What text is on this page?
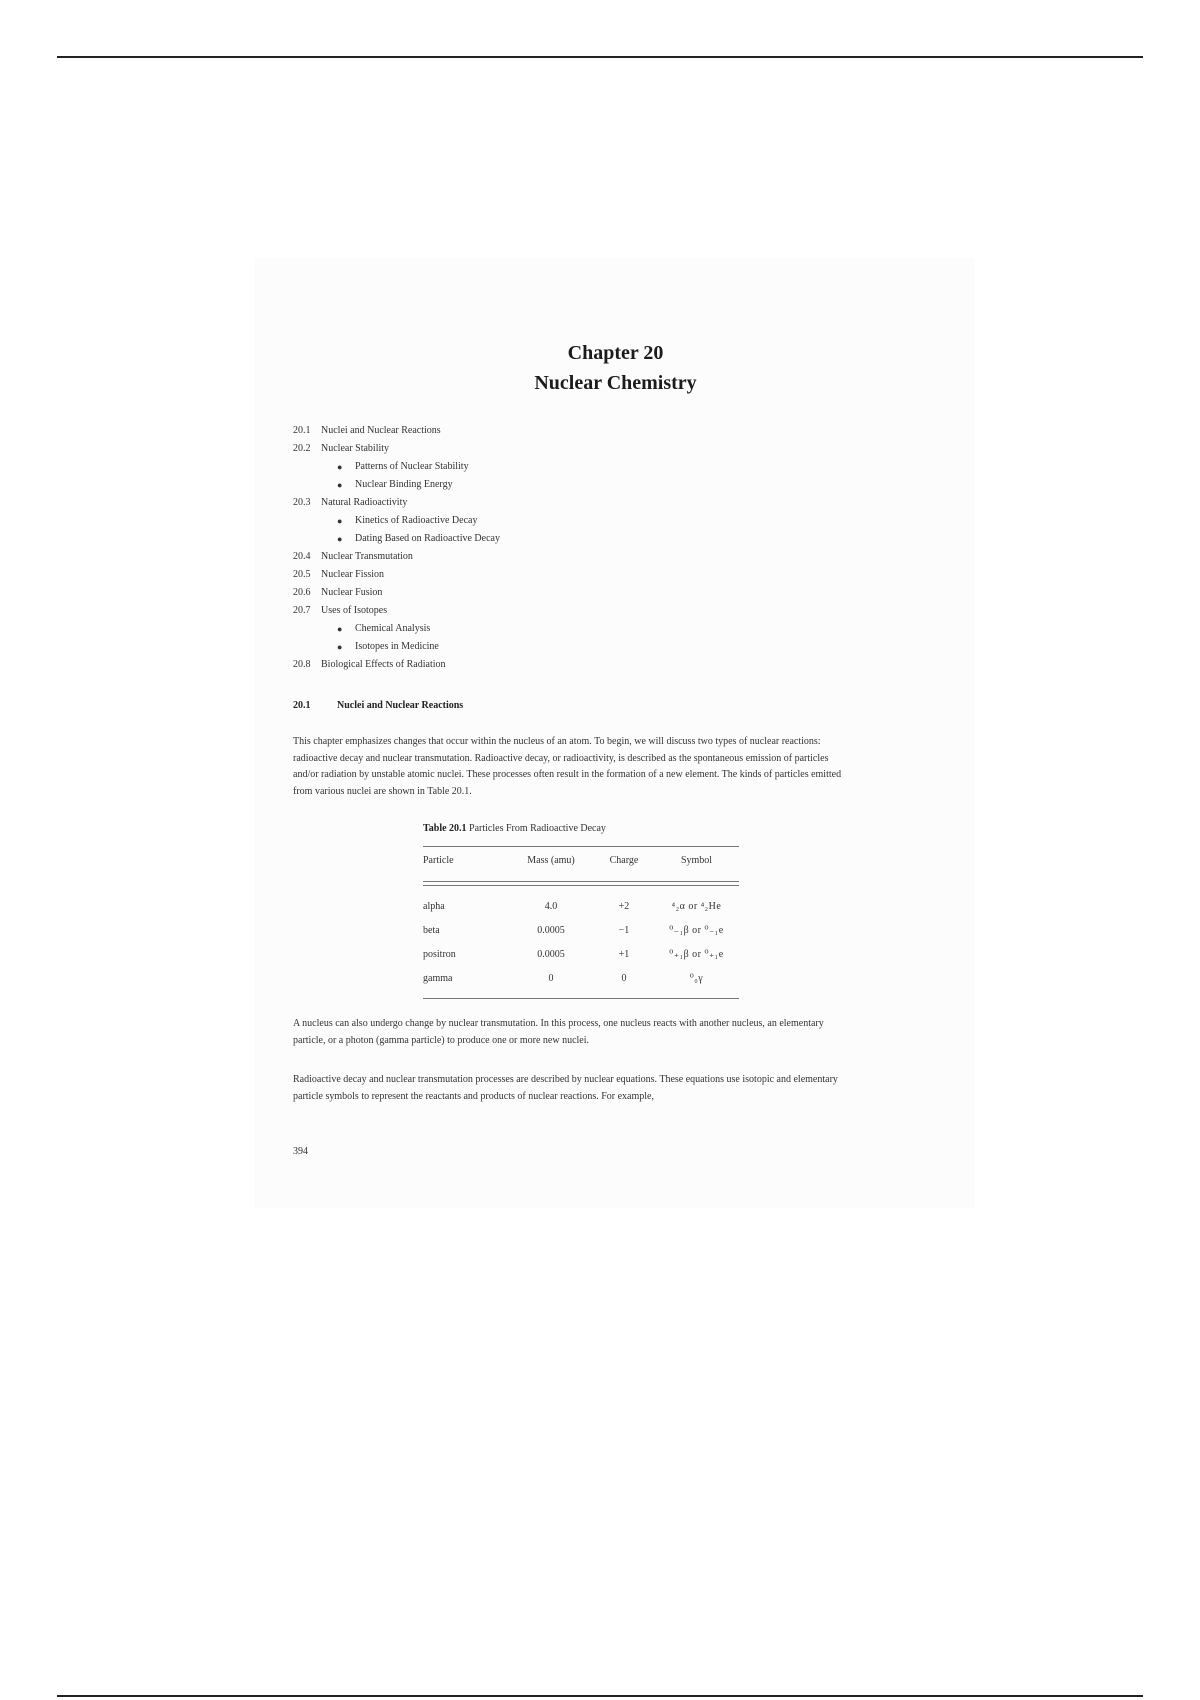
Chapter 20
Nuclear Chemistry
20.1	Nuclei and Nuclear Reactions
20.2	Nuclear Stability
●	Patterns of Nuclear Stability
●	Nuclear Binding Energy
20.3	Natural Radioactivity
●	Kinetics of Radioactive Decay
●	Dating Based on Radioactive Decay
20.4	Nuclear Transmutation
20.5	Nuclear Fission
20.6	Nuclear Fusion
20.7	Uses of Isotopes
●	Chemical Analysis
●	Isotopes in Medicine
20.8	Biological Effects of Radiation
20.1	Nuclei and Nuclear Reactions
This chapter emphasizes changes that occur within the nucleus of an atom. To begin, we will discuss two types of nuclear reactions: radioactive decay and nuclear transmutation. Radioactive decay, or radioactivity, is described as the spontaneous emission of particles and/or radiation by unstable atomic nuclei. These processes often result in the formation of a new element. The kinds of particles emitted from various nuclei are shown in Table 20.1.
Table 20.1 Particles From Radioactive Decay
Particle	Mass (amu)	Charge	Symbol
alpha	4.0	+2	⁴₂α or ⁴₂He
beta	0.0005	−1	⁰₋₁β or ⁰₋₁e
positron	0.0005	+1	⁰₊₁β or ⁰₊₁e
gamma	0	0	⁰₀γ
A nucleus can also undergo change by nuclear transmutation. In this process, one nucleus reacts with another nucleus, an elementary particle, or a photon (gamma particle) to produce one or more new nuclei.
Radioactive decay and nuclear transmutation processes are described by nuclear equations. These equations use isotopic and elementary particle symbols to represent the reactants and products of nuclear reactions. For example,
394
